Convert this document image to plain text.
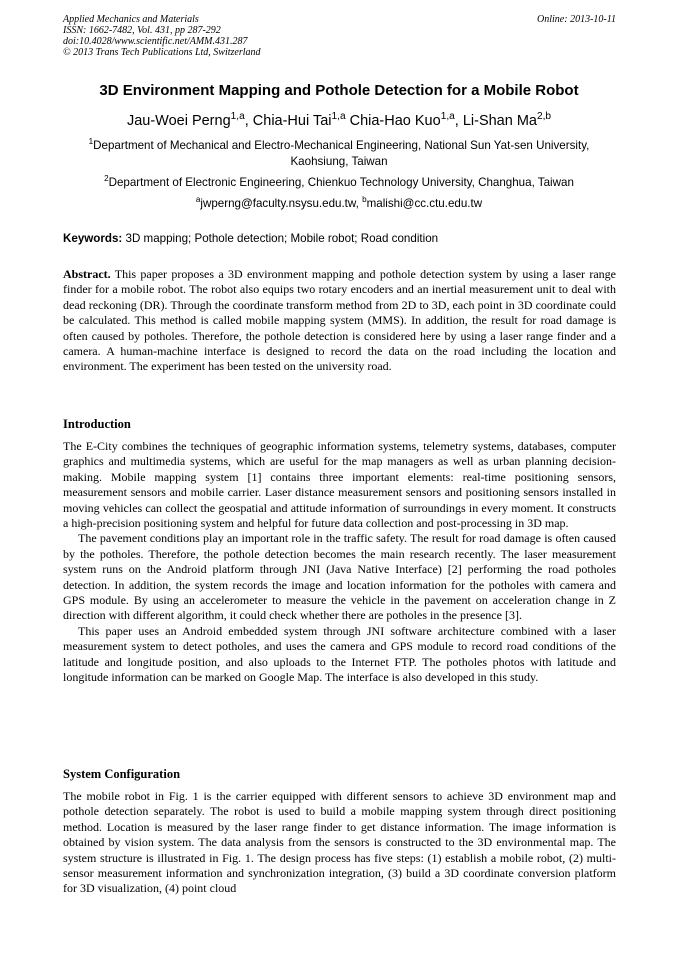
Applied Mechanics and Materials
ISSN: 1662-7482, Vol. 431, pp 287-292
doi:10.4028/www.scientific.net/AMM.431.287
© 2013 Trans Tech Publications Ltd, Switzerland
Online: 2013-10-11
3D Environment Mapping and Pothole Detection for a Mobile Robot
Jau-Woei Perng$^{1,a}$, Chia-Hui Tai$^{1,a}$ Chia-Hao Kuo$^{1,a}$, Li-Shan Ma$^{2,b}$
$^1$Department of Mechanical and Electro-Mechanical Engineering, National Sun Yat-sen University, Kaohsiung, Taiwan
$^2$Department of Electronic Engineering, Chienkuo Technology University, Changhua, Taiwan
$^a$jwperng@faculty.nsysu.edu.tw, $^b$malishi@cc.ctu.edu.tw
Keywords: 3D mapping; Pothole detection; Mobile robot; Road condition

Abstract. This paper proposes a 3D environment mapping and pothole detection system by using a laser range finder for a mobile robot. The robot also equips two rotary encoders and an inertial measurement unit to deal with dead reckoning (DR). Through the coordinate transform method from 2D to 3D, each point in 3D coordinate could be calculated. This method is called mobile mapping system (MMS). In addition, the result for road damage is often caused by potholes. Therefore, the pothole detection is considered here by using a laser range finder and a camera. A human-machine interface is designed to record the data on the road including the location and environment. The experiment has been tested on the university road.

Introduction

The E-City combines the techniques of geographic information systems, telemetry systems, databases, computer graphics and multimedia systems, which are useful for the map managers as well as urban planning decision-making. Mobile mapping system [1] contains three important elements: real-time positioning sensors, measurement sensors and mobile carrier. Laser distance measurement sensors and positioning sensors installed in moving vehicles can collect the geospatial and attitude information of surroundings in every moment. It constructs a high-precision positioning system and helpful for future data collection and post-processing in 3D map.

The pavement conditions play an important role in the traffic safety. The result for road damage is often caused by the potholes. Therefore, the pothole detection becomes the main research recently. The laser measurement system runs on the Android platform through JNI (Java Native Interface) [2] performing the road potholes detection. In addition, the system records the image and location information for the potholes with camera and GPS module. By using an accelerometer to measure the vehicle in the pavement on acceleration change in Z direction with different algorithm, it could check whether there are potholes in the presence [3].

This paper uses an Android embedded system through JNI software architecture combined with a laser measurement system to detect potholes, and uses the camera and GPS module to record road conditions of the latitude and longitude position, and also uploads to the Internet FTP. The potholes photos with latitude and longitude information can be marked on Google Map. The interface is also developed in this study.

System Configuration

The mobile robot in Fig. 1 is the carrier equipped with different sensors to achieve 3D environment map and pothole detection separately. The robot is used to build a mobile mapping system through direct positioning method. Location is measured by the laser range finder to get distance information. The image information is obtained by vision system. The data analysis from the sensors is constructed to the 3D environmental map. The system structure is illustrated in Fig. 1. The design process has five steps: (1) establish a mobile robot, (2) multi-sensor measurement information and synchronization integration, (3) build a 3D coordinate conversion platform for 3D visualization, (4) point cloud
